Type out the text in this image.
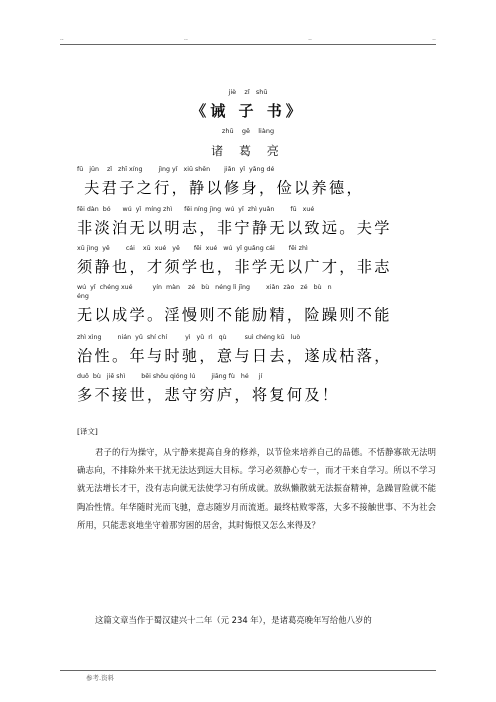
..	..	..	..
jiè    zǐ   shū
《诫 子 书》
zhū    gě    liàng
诸 葛 亮
fū   jūn    zǐ   zhī xíng        jìng yǐ   xiū shēn       jiǎn  yǐ  yǎng dé
夫君子之行，静以修身，俭以养德，
fēi dàn  bó      wú  yǐ  míng zhì      fēi níng jìng  wú  yǐ  zhì yuǎn        fū   xué
非淡泊无以明志，非宁静无以致远。夫学
xū jìng  yě        cái    xū  xué   yě       fēi  xué   wú  yǐ guǎng cái       fēi zhì
须静也，才须学也，非学无以广才，非志
wú  yǐ  chéng xué          yín  màn    zé   bù   néng lì jīng        xiǎn  zào   zé   bù   n
éng
无以成学。淫慢则不能励精，险躁则不能
zhì xìng        nián  yǔ  shí chí         yì   yǔ  rì   qù         suì chéng kū   luò
治性。年与时驰，意与日去，遂成枯落，
duō  bù   jiē shì        bēi shǒu qióng lú        jiāng fù   hé     jí
多不接世，悲守穷庐，将复何及！
[译文]

君子的行为操守，从宁静来提高自身的修养，以节俭来培养自己的品德。不恬静寡欲无法明确志向，不排除外来干扰无法达到远大目标。学习必须静心专一，而才干来自学习。所以不学习就无法增长才干，没有志向就无法使学习有所成就。放纵懒散就无法振奋精神，急躁冒险就不能陶冶性情。年华随时光而飞驰，意志随岁月而流逝。最终枯败零落，大多不接触世事、不为社会所用，只能悲哀地坐守着那穷困的居舍，其时悔恨又怎么来得及？

这篇文章当作于蜀汉建兴十二年（元 234 年），是诸葛亮晚年写给他八岁的

参考.资料
